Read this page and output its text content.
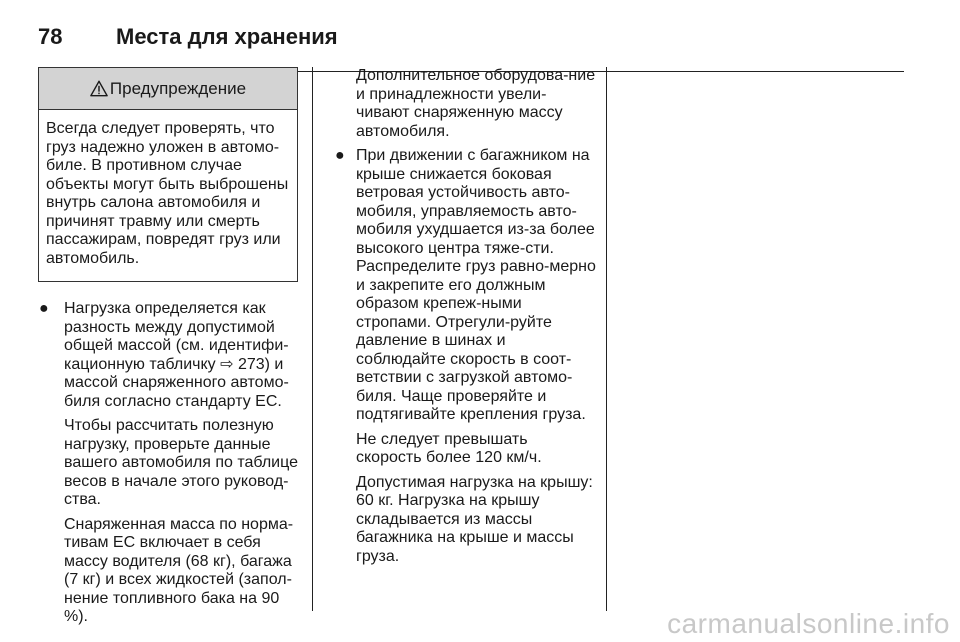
78 Места для хранения
Предупреждение
Всегда следует проверять, что груз надежно уложен в автомо-биле. В противном случае объекты могут быть выброшены внутрь салона автомобиля и причинят травму или смерть пассажирам, повредят груз или автомобиль.
● Нагрузка определяется как разность между допустимой общей массой (см. идентифи-кационную табличку ⇨ 273) и массой снаряженного автомо-биля согласно стандарту ЕС.

Чтобы рассчитать полезную нагрузку, проверьте данные вашего автомобиля по таблице весов в начале этого руковод-ства.

Снаряженная масса по норма-тивам ЕС включает в себя массу водителя (68 кг), багажа (7 кг) и всех жидкостей (запол-нение топливного бака на 90 %).

Дополнительное оборудова-ние и принадлежности увели-чивают снаряженную массу автомобиля.

● При движении с багажником на крыше снижается боковая ветровая устойчивость авто-мобиля, управляемость авто-мобиля ухудшается из-за более высокого центра тяже-сти. Распределите груз равно-мерно и закрепите его должным образом крепеж-ными стропами. Отрегули-руйте давление в шинах и соблюдайте скорость в соот-ветствии с загрузкой автомо-биля. Чаще проверяйте и подтягивайте крепления груза.

Не следует превышать скорость более 120 км/ч.

Допустимая нагрузка на крышу: 60 кг. Нагрузка на крышу складывается из массы багажника на крыше и массы груза.

carmanualsonline.info
